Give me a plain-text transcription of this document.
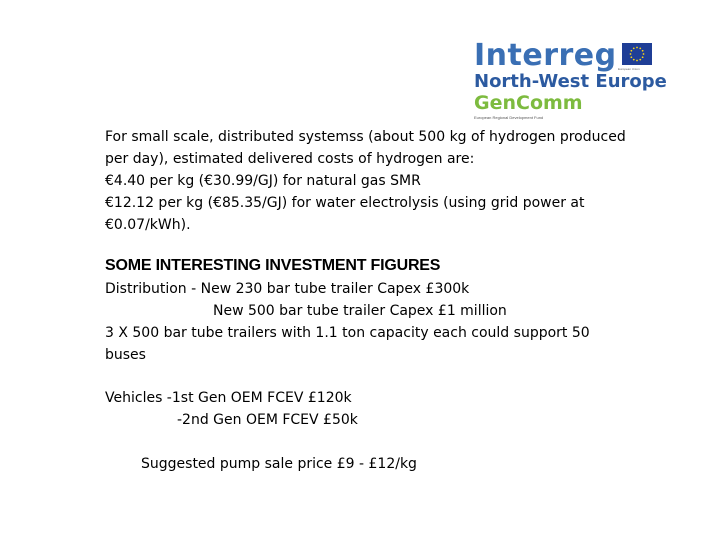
Interreg
North-West Europe
GenComm
European Regional Development Fund
European Union

For small scale, distributed systemss (about 500 kg of hydrogen produced

per day), estimated delivered costs of hydrogen are:

€4.40 per kg (€30.99/GJ) for natural gas SMR

€12.12 per kg (€85.35/GJ) for water electrolysis (using grid power at

€0.07/kWh).

SOME INTERESTING INVESTMENT FIGURES

Distribution - New 230 bar tube trailer Capex £300k

New 500 bar tube trailer Capex £1 million

3 X 500 bar tube trailers with 1.1 ton capacity each could support 50

buses

Vehicles -1st Gen OEM FCEV £120k

-2nd Gen OEM FCEV £50k

Suggested pump sale price £9 - £12/kg
